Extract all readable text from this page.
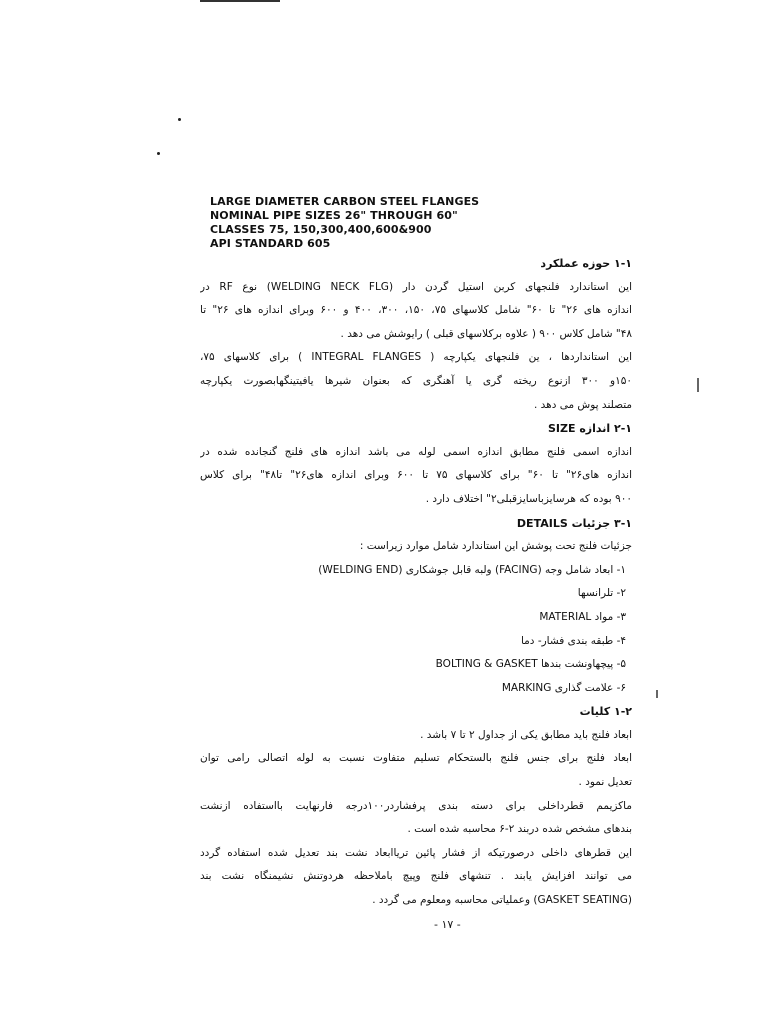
LARGE DIAMETER CARBON STEEL FLANGES
NOMINAL PIPE SIZES 26" THROUGH 60"
CLASSES 75, 150,300,400,600&900
API STANDARD 605
۱-۱ حوزه عملکرد
این استاندارد فلنجهای کربن استیل گردن دار (WELDING NECK FLG) نوع RF در
اندازه های ۲۶" تا ۶۰" شامل کلاسهای ۷۵، ۱۵۰، ۳۰۰، ۴۰۰ و ۶۰۰ وبرای اندازه های ۲۶" تا
۴۸" شامل کلاس ۹۰۰ ( علاوه برکلاسهای قبلی ) رایوشش می دهد .
این استانداردها ، ین فلنجهای یکپارچه ( INTEGRAL FLANGES ) برای کلاسهای ۷۵،
۱۵۰و ۳۰۰ ازنوع ریخته گری یا آهنگری که بعنوان شیرها یافیتینگهابصورت یکپارچه
متصلند پوش می دهد .
۲-۱ اندازه SIZE
اندازه اسمی فلنج مطابق اندازه اسمی لوله می باشد اندازه های فلنج گنجانده شده در
اندازه های۲۶" تا ۶۰" برای کلاسهای ۷۵ تا ۶۰۰ وبرای اندازه های۲۶" تا۴۸" برای کلاس
۹۰۰ بوده که هرسایزباسایزقبلی۲" اختلاف دارد .
۳-۱ جزئیات DETAILS
جزئیات فلنج تحت پوشش این استاندارد شامل موارد زیراست :
۱- ابعاد شامل وجه (FACING) ولبه قابل جوشکاری (WELDING END)
۲- تلرانسها
۳- مواد MATERIAL
۴- طبقه بندی فشار- دما
۵- پیچهاونشت بندها BOLTING & GASKET
۶- علامت گذاری MARKING
۱-۲ کلیات
ابعاد فلنج باید مطابق یکی از جداول ۲ تا ۷ باشد .
ابعاد فلنج برای جنس فلنج بالستحکام تسلیم متفاوت نسبت به لوله اتصالی رامی توان
تعدیل نمود .
ماکزیمم قطرداخلی برای دسته بندی پرفشاردر۱۰۰درجه فارنهایت بااستفاده ازنشت
بندهای مشخص شده دربند ۲-۶ محاسبه شده است .
این قطرهای داخلی درصورتیکه از فشار پائین تریاابعاد نشت بند تعدیل شده استفاده گردد
می توانند افزایش یابند . تنشهای فلنج وپیچ باملاحظه هردوتنش نشیمنگاه نشت بند
(GASKET SEATING) وعملیاتی محاسبه ومعلوم می گردد .
- ۱۷ -
